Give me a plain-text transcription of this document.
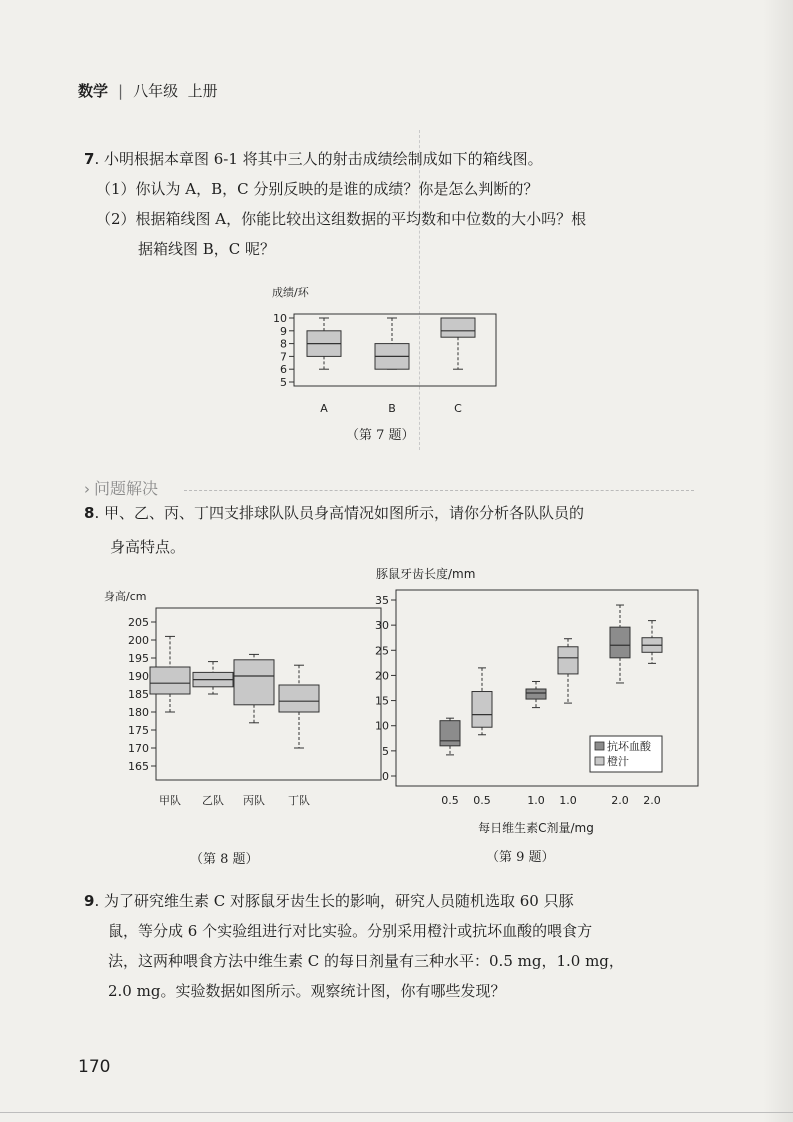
数学 | 八年级 上册
7. 小明根据本章图 6-1 将其中三人的射击成绩绘制成如下的箱线图。
（1）你认为 A，B，C 分别反映的是谁的成绩？你是怎么判断的？
（2）根据箱线图 A，你能比较出这组数据的平均数和中位数的大小吗？根
据箱线图 B，C 呢？
成绩/环
5
6
7
8
9
10
A	B	C
（第 7 题）
› 问题解决
8. 甲、乙、丙、丁四支排球队队员身高情况如图所示，请你分析各队队员的
身高特点。
身高/cm
165
170
175
180
185
190
195
200
205
甲队 乙队 丙队 丁队
豚鼠牙齿长度/mm
0
5
10
15
20
25
30
35
0.5 0.5	1.0 1.0	2.0 2.0
每日维生素C剂量/mg
抗坏血酸
橙汁
（第 8 题）	（第 9 题）
9. 为了研究维生素 C 对豚鼠牙齿生长的影响，研究人员随机选取 60 只豚
鼠，等分成 6 个实验组进行对比实验。分别采用橙汁或抗坏血酸的喂食方
法，这两种喂食方法中维生素 C 的每日剂量有三种水平：0.5 mg，1.0 mg，
2.0 mg。实验数据如图所示。观察统计图，你有哪些发现？
170
